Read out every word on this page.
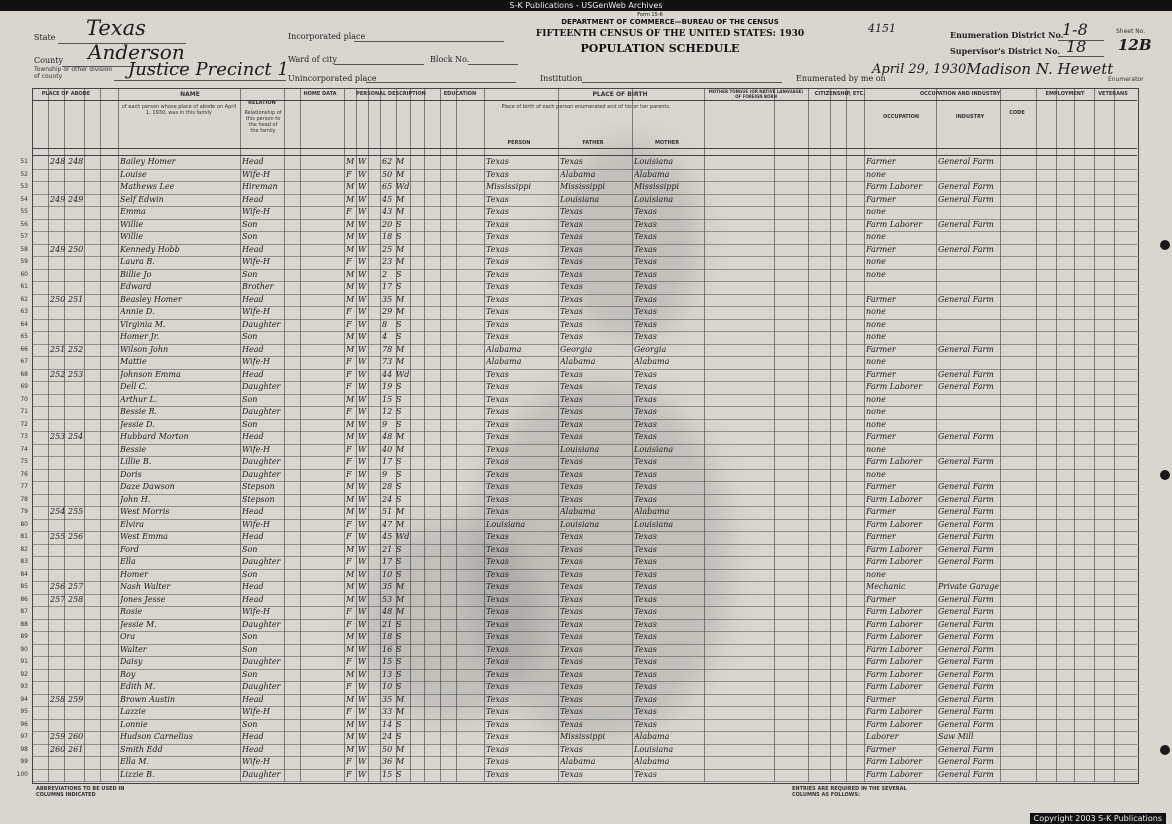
S-K Publications - USGenWeb Archives
Form 15-6
DEPARTMENT OF COMMERCE—BUREAU OF THE CENSUS
FIFTEENTH CENSUS OF THE UNITED STATES: 1930
POPULATION SCHEDULE
4151
State Texas
County Anderson
Township or other division of county	Justice Precinct 1
Incorporated place
Ward of city	Block No.
Unincorporated place	Institution
Enumeration District No.
1-8
Supervisor's District No. 18
Sheet No.
12B
Enumerated by me on
April 29, 1930 Madison N. Hewett
Enumerator
PLACE OF ABODE	NAME
RELATION
HOME DATA	PERSONAL DESCRIPTION	EDUCATION	PLACE OF BIRTH	MOTHER TONGUE (OR NATIVE LANGUAGE) OF FOREIGN BORN	CITIZENSHIP, ETC.	OCCUPATION AND INDUSTRY	EMPLOYMENT	VETERANS
of each person whose place of abode on April 1, 1930, was in this family	Relationship of this person to the head of the family
Place of birth of each person enumerated and of his or her parents.
PERSON	FATHER	MOTHER
OCCUPATION	INDUSTRY
CODE
51	248 248	Bailey Homer	Head	M W	62 M	Texas	Texas	Louisiana	Farmer	General Farm
52	Louise	Wife-H	F W	50 M	Texas	Alabama	Alabama	none
53	Mathews Lee	Hireman	M W	65 Wd	Mississippi	Mississippi	Mississippi	Farm Laborer	General Farm
54	249 249	Self Edwin	Head	M W	45 M	Texas	Louisiana	Louisiana	Farmer	General Farm
55	Emma	Wife-H	F W	43 M	Texas	Texas	Texas	none
56	Willie	Son	M W	20 S	Texas	Texas	Texas	Farm Laborer	General Farm
57	Willie	Son	M W	18 S	Texas	Texas	Texas	none
58	249 250	Kennedy Hobb	Head	M W	25 M	Texas	Texas	Texas	Farmer	General Farm
59	Laura B.	Wife-H	F W	23 M	Texas	Texas	Texas	none
60	Billie Jo	Son	M W	2	S	Texas	Texas	Texas	none
61	Edward	Brother	M W	17 S	Texas	Texas	Texas
62	250 251	Beasley Homer	Head	M W	35 M	Texas	Texas	Texas	Farmer	General Farm
63	Annie D.	Wife-H	F W	29 M	Texas	Texas	Texas	none
64	Virginia M.	Daughter	F W	8	S	Texas	Texas	Texas	none
65	Homer Jr.	Son	M W	4	S	Texas	Texas	Texas	none
66	251 252	Wilson John	Head	M W	78 M	Alabama	Georgia	Georgia	Farmer	General Farm
67	Mattie	Wife-H	F W	73 M	Alabama	Alabama	Alabama	none
68	252 253	Johnson Emma	Head	F W	44 Wd	Texas	Texas	Texas	Farmer	General Farm
69	Dell C.	Daughter	F W	19 S	Texas	Texas	Texas	Farm Laborer	General Farm
70	Arthur L.	Son	M W	15 S	Texas	Texas	Texas	none
71	Bessie R.	Daughter	F W	12 S	Texas	Texas	Texas	none
72	Jessie D.	Son	M W	9	S	Texas	Texas	Texas	none
73	253 254	Hubbard Morton	Head	M W	48 M	Texas	Texas	Texas	Farmer	General Farm
74	Bessie	Wife-H	F W	40 M	Texas	Louisiana	Louisiana	none
75	Lillie B.	Daughter	F W	17 S	Texas	Texas	Texas	Farm Laborer	General Farm
76	Doris	Daughter	F W	9	S	Texas	Texas	Texas	none
77	Daze Dawson	Stepson	M W	28 S	Texas	Texas	Texas	Farmer	General Farm
78	John H.	Stepson	M W	24 S	Texas	Texas	Texas	Farm Laborer	General Farm
79	254 255	West Morris	Head	M W	51 M	Texas	Alabama	Alabama	Farmer	General Farm
80	Elvira	Wife-H	F W	47 M	Louisiana	Louisiana	Louisiana	Farm Laborer	General Farm
81	255 256	West Emma	Head	F W	45 Wd	Texas	Texas	Texas	Farmer	General Farm
82	Ford	Son	M W	21 S	Texas	Texas	Texas	Farm Laborer	General Farm
83	Ella	Daughter	F W	17 S	Texas	Texas	Texas	Farm Laborer	General Farm
84	Homer	Son	M W	10 S	Texas	Texas	Texas	none
85	256 257	Nash Walter	Head	M W	35 M	Texas	Texas	Texas	Mechanic	Private Garage
86	257 258	Jones Jesse	Head	M W	53 M	Texas	Texas	Texas	Farmer	General Farm
87	Rosie	Wife-H	F W	48 M	Texas	Texas	Texas	Farm Laborer	General Farm
88	Jessie M.	Daughter	F W	21 S	Texas	Texas	Texas	Farm Laborer	General Farm
89	Ora	Son	M W	18 S	Texas	Texas	Texas	Farm Laborer	General Farm
90	Walter	Son	M W	16 S	Texas	Texas	Texas	Farm Laborer	General Farm
91	Daisy	Daughter	F W	15 S	Texas	Texas	Texas	Farm Laborer	General Farm
92	Roy	Son	M W	13 S	Texas	Texas	Texas	Farm Laborer	General Farm
93	Edith M.	Daughter	F W	10 S	Texas	Texas	Texas	Farm Laborer	General Farm
94	258 259	Brown Austin	Head	M W	35 M	Texas	Texas	Texas	Farmer	General Farm
95	Lazzie	Wife-H	F W	33 M	Texas	Texas	Texas	Farm Laborer	General Farm
96	Lonnie	Son	M W	14 S	Texas	Texas	Texas	Farm Laborer	General Farm
97	259 260	Hudson Carnelius	Head	M W	24 S	Texas	Mississippi	Alabama	Laborer	Saw Mill
98	260 261	Smith Edd	Head	M W	50 M	Texas	Texas	Louisiana	Farmer	General Farm
99	Ella M.	Wife-H	F W	36 M	Texas	Alabama	Alabama	Farm Laborer	General Farm
100	Lizzie B.	Daughter	F W	15 S	Texas	Texas	Texas	Farm Laborer	General Farm
ABBREVIATIONS TO BE USED IN COLUMNS INDICATED
ENTRIES ARE REQUIRED IN THE SEVERAL COLUMNS AS FOLLOWS:
Copyright 2003 S-K Publications
